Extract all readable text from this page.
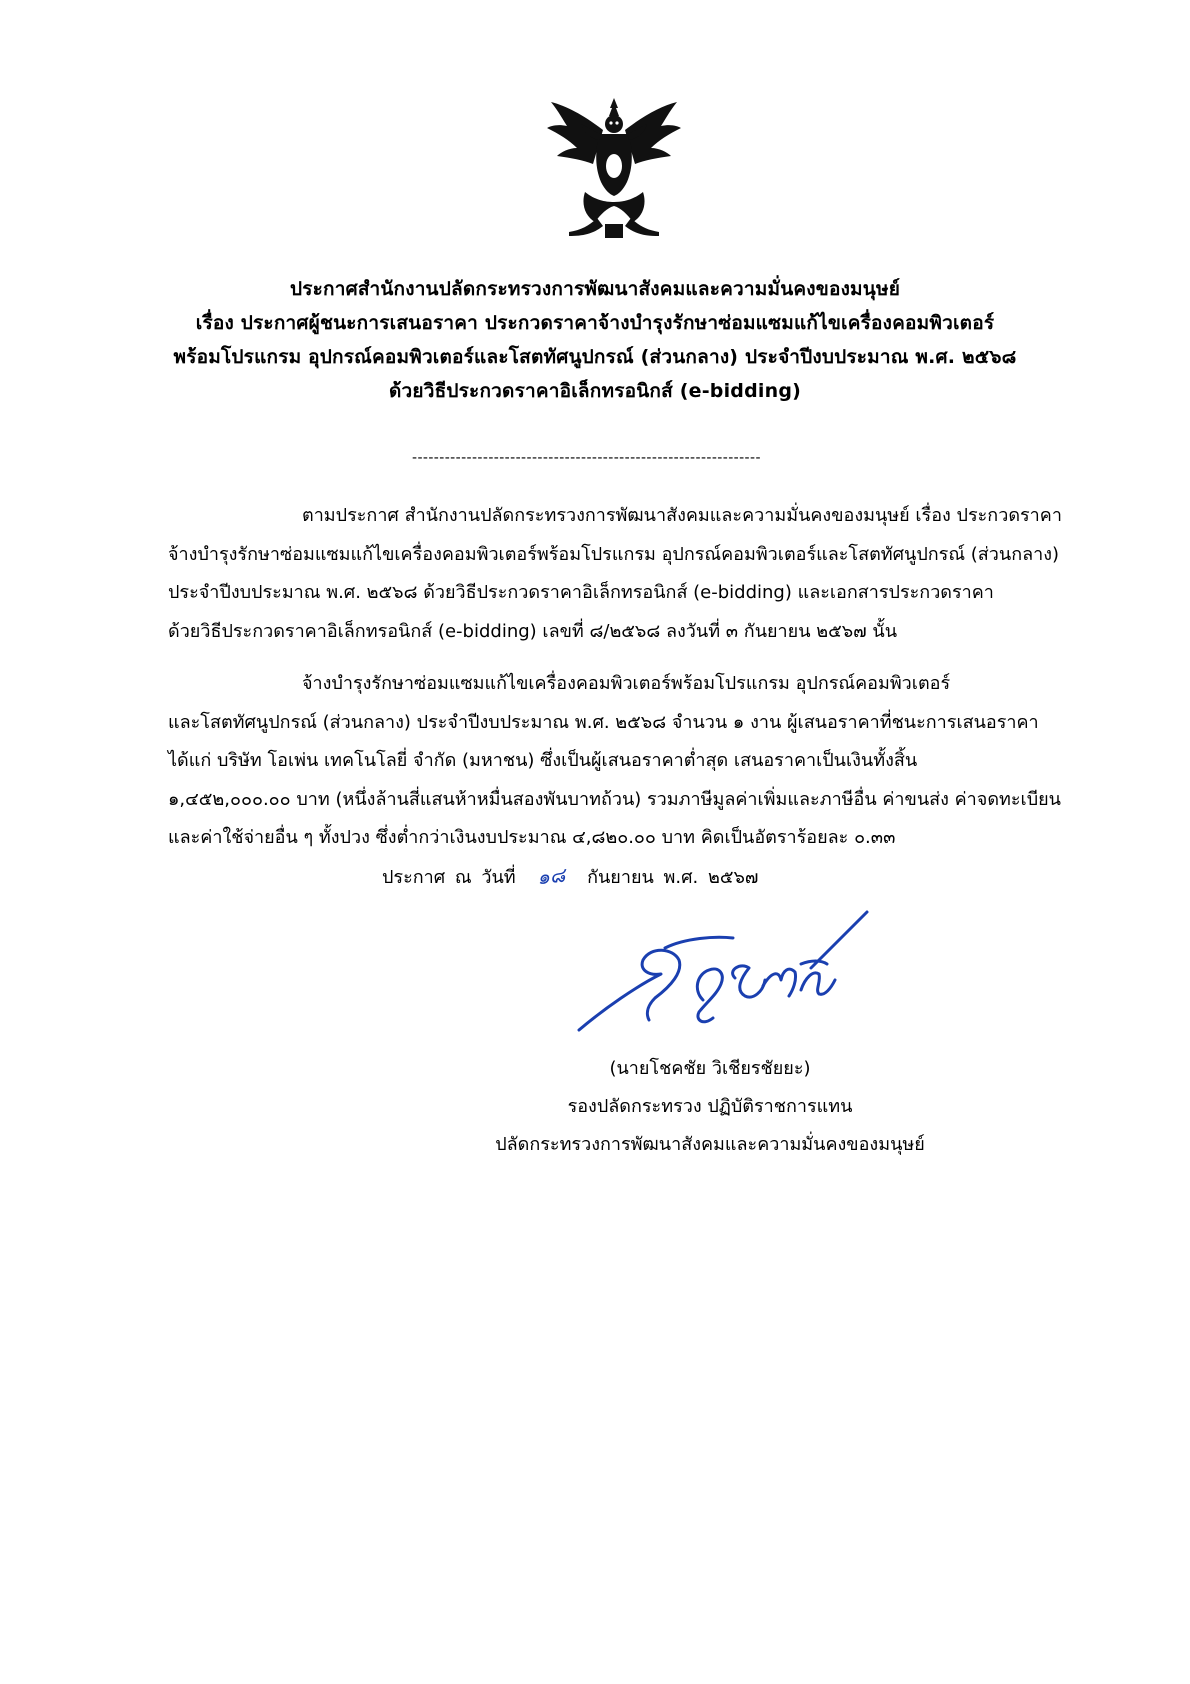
ประกาศสำนักงานปลัดกระทรวงการพัฒนาสังคมและความมั่นคงของมนุษย์
เรื่อง ประกาศผู้ชนะการเสนอราคา ประกวดราคาจ้างบำรุงรักษาซ่อมแซมแก้ไขเครื่องคอมพิวเตอร์
พร้อมโปรแกรม อุปกรณ์คอมพิวเตอร์และโสตทัศนูปกรณ์ (ส่วนกลาง) ประจำปีงบประมาณ พ.ศ. ๒๕๖๘
ด้วยวิธีประกวดราคาอิเล็กทรอนิกส์ (e-bidding)
----------------------------------------------------------------
ตามประกาศ สำนักงานปลัดกระทรวงการพัฒนาสังคมและความมั่นคงของมนุษย์ เรื่อง ประกวดราคา
จ้างบำรุงรักษาซ่อมแซมแก้ไขเครื่องคอมพิวเตอร์พร้อมโปรแกรม อุปกรณ์คอมพิวเตอร์และโสตทัศนูปกรณ์ (ส่วนกลาง)
ประจำปีงบประมาณ พ.ศ. ๒๕๖๘ ด้วยวิธีประกวดราคาอิเล็กทรอนิกส์ (e-bidding) และเอกสารประกวดราคา
ด้วยวิธีประกวดราคาอิเล็กทรอนิกส์ (e-bidding) เลขที่ ๘/๒๕๖๘ ลงวันที่ ๓ กันยายน ๒๕๖๗ นั้น
จ้างบำรุงรักษาซ่อมแซมแก้ไขเครื่องคอมพิวเตอร์พร้อมโปรแกรม อุปกรณ์คอมพิวเตอร์
และโสตทัศนูปกรณ์ (ส่วนกลาง) ประจำปีงบประมาณ พ.ศ. ๒๕๖๘ จำนวน ๑ งาน ผู้เสนอราคาที่ชนะการเสนอราคา
ได้แก่ บริษัท โอเพ่น เทคโนโลยี่ จำกัด (มหาชน) ซึ่งเป็นผู้เสนอราคาต่ำสุด เสนอราคาเป็นเงินทั้งสิ้น
๑,๔๕๒,๐๐๐.๐๐ บาท (หนึ่งล้านสี่แสนห้าหมื่นสองพันบาทถ้วน) รวมภาษีมูลค่าเพิ่มและภาษีอื่น ค่าขนส่ง ค่าจดทะเบียน
และค่าใช้จ่ายอื่น ๆ ทั้งปวง ซึ่งต่ำกว่าเงินงบประมาณ ๔,๘๒๐.๐๐ บาท คิดเป็นอัตราร้อยละ ๐.๓๓
ประกาศ ณ วันที่ ๑๘ กันยายน พ.ศ. ๒๕๖๗
(นายโชคชัย วิเชียรชัยยะ)
รองปลัดกระทรวง ปฏิบัติราชการแทน
ปลัดกระทรวงการพัฒนาสังคมและความมั่นคงของมนุษย์
